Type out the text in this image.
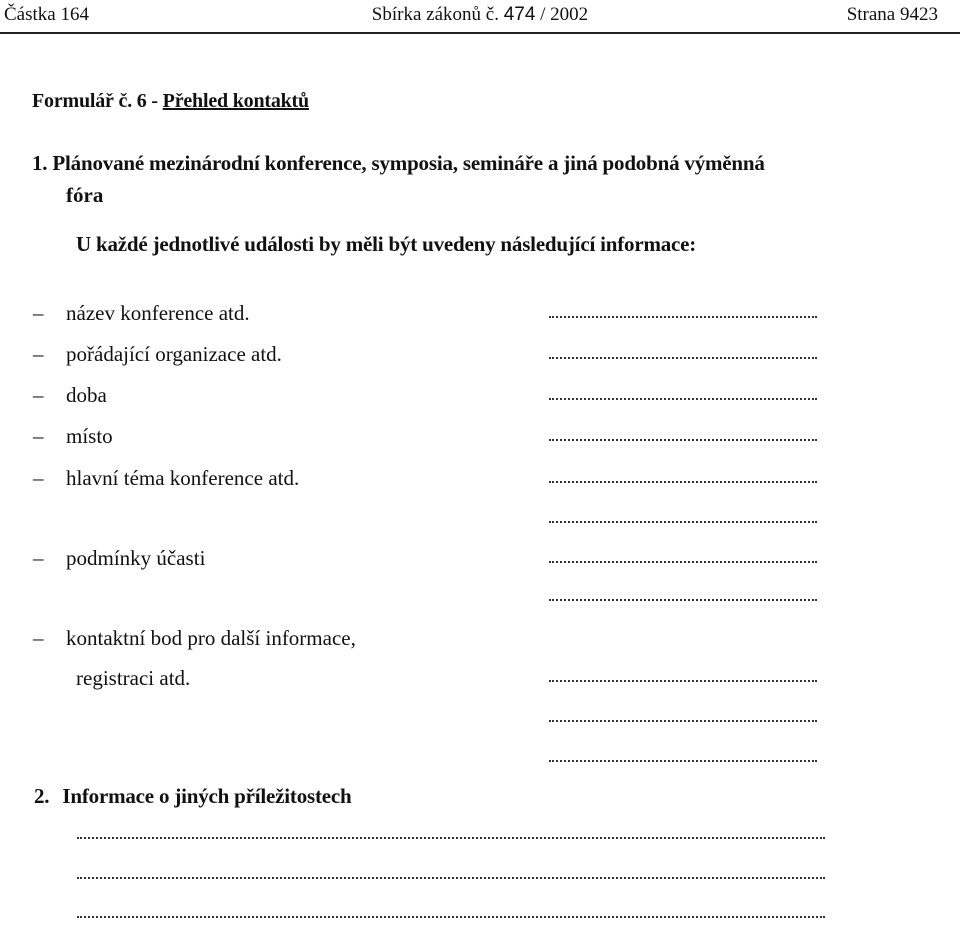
Částka 164	Sbírka zákonů č. 474 / 2002	Strana 9423
Formulář č. 6 - Přehled kontaktů
1. Plánované mezinárodní konference, symposia, semináře a jiná podobná výměnná
fóra
U každé jednotlivé události by měli být uvedeny následující informace:
– název konference atd.
– pořádající organizace atd.
– doba
– místo
– hlavní téma konference atd.
– podmínky účasti
– kontaktní bod pro další informace,
registraci atd.
2. Informace o jiných příležitostech
